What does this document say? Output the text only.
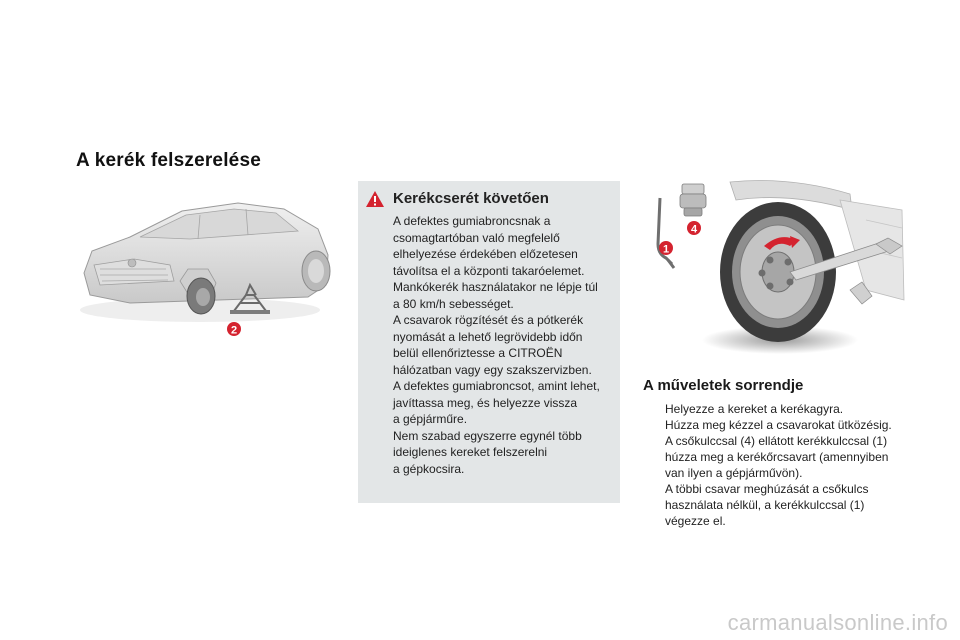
A kerék felszerelése
2
Kerékcserét követően
A defektes gumiabroncsnak a
csomagtartóban való megfelelő
elhelyezése érdekében előzetesen
távolítsa el a központi takaróelemet.
Mankókerék használatakor ne lépje túl
a 80 km/h sebességet.
A csavarok rögzítését és a pótkerék
nyomását a lehető legrövidebb időn
belül ellenőriztesse a CITROËN
hálózatban vagy egy szakszervizben.
A defektes gumiabroncsot, amint lehet,
javíttassa meg, és helyezze vissza
a gépjárműre.
Nem szabad egyszerre egynél több
ideiglenes kereket felszerelni
a gépkocsira.
1
4
A műveletek sorrendje
Helyezze a kereket a kerékagyra.
Húzza meg kézzel a csavarokat ütközésig.
A csőkulccsal (4) ellátott kerékkulccsal (1)
húzza meg a kerékőrcsavart (amennyiben
van ilyen a gépjárművön).
A többi csavar meghúzását a csőkulcs
használata nélkül, a kerékkulccsal (1)
végezze el.
carmanualsonline.info
